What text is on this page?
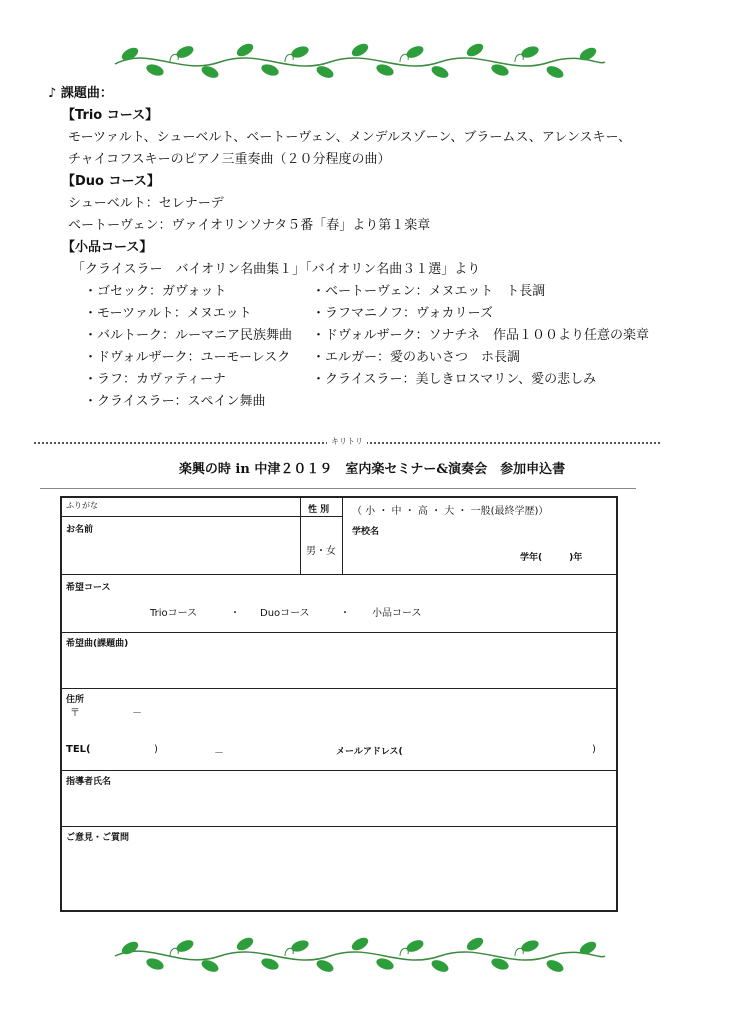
♪ 課題曲：
【Trio コース】
モーツァルト、シューベルト、ベートーヴェン、メンデルスゾーン、ブラームス、アレンスキー、
チャイコフスキーのピアノ三重奏曲（２０分程度の曲）
【Duo コース】
シューベルト：セレナーデ
ベートーヴェン：ヴァイオリンソナタ５番「春」より第１楽章
【小品コース】
「クライスラー　バイオリン名曲集１」「バイオリン名曲３１選」より
・ゴセック：ガヴォット
・モーツァルト：メヌエット
・バルトーク：ルーマニア民族舞曲
・ドヴォルザーク：ユーモーレスク
・ラフ：カヴァティーナ
・クライスラー：スペイン舞曲
・ベートーヴェン：メヌエット　ト長調
・ラフマニノフ：ヴォカリーズ
・ドヴォルザーク：ソナチネ　作品１００より任意の楽章
・エルガー：愛のあいさつ　ホ長調
・クライスラー：美しきロスマリン、愛の悲しみ
キリトリ
楽興の時 in 中津２０１９　室内楽セミナー&演奏会　参加申込書
ふりがな	性 別 （ 小 ・ 中 ・ 高 ・ 大 ・ 一般(最終学歴)）
お名前
男・女
学校名
学年(　　　)年
希望コース
Trioコース	・ Duoコース	・ 小品コース
希望曲(課題曲)
住所
〒	－
TEL(	)	－	メールアドレス(	)
指導者氏名
ご意見・ご質問
